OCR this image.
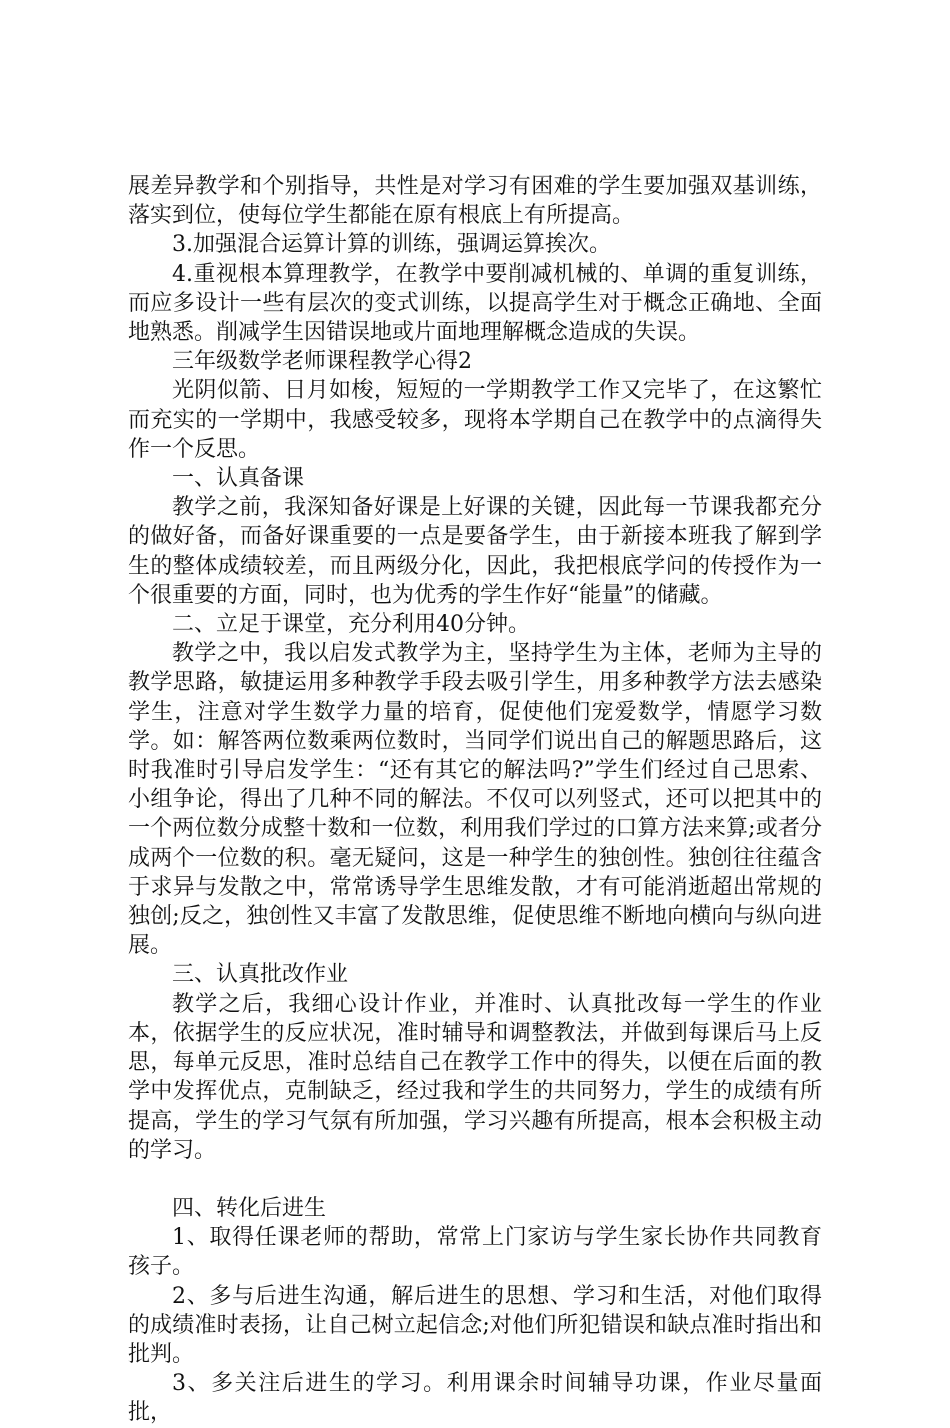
展差异教学和个别指导，共性是对学习有困难的学生要加强双基训练，落实到位，使每位学生都能在原有根底上有所提高。

3.加强混合运算计算的训练，强调运算挨次。

4.重视根本算理教学，在教学中要削减机械的、单调的重复训练，而应多设计一些有层次的变式训练，以提高学生对于概念正确地、全面地熟悉。削减学生因错误地或片面地理解概念造成的失误。

三年级数学老师课程教学心得2

光阴似箭、日月如梭，短短的一学期教学工作又完毕了，在这繁忙而充实的一学期中，我感受较多，现将本学期自己在教学中的点滴得失作一个反思。

一、认真备课

教学之前，我深知备好课是上好课的关键，因此每一节课我都充分的做好备，而备好课重要的一点是要备学生，由于新接本班我了解到学生的整体成绩较差，而且两级分化，因此，我把根底学问的传授作为一个很重要的方面，同时，也为优秀的学生作好“能量”的储藏。

二、立足于课堂，充分利用40分钟。

教学之中，我以启发式教学为主，坚持学生为主体，老师为主导的教学思路，敏捷运用多种教学手段去吸引学生，用多种教学方法去感染学生，注意对学生数学力量的培育，促使他们宠爱数学，情愿学习数学。如：解答两位数乘两位数时，当同学们说出自己的解题思路后，这时我准时引导启发学生：“还有其它的解法吗?”学生们经过自己思索、小组争论，得出了几种不同的解法。不仅可以列竖式，还可以把其中的一个两位数分成整十数和一位数，利用我们学过的口算方法来算;或者分成两个一位数的积。毫无疑问，这是一种学生的独创性。独创往往蕴含于求异与发散之中，常常诱导学生思维发散，才有可能消逝超出常规的独创;反之，独创性又丰富了发散思维，促使思维不断地向横向与纵向进展。

三、认真批改作业

教学之后，我细心设计作业，并准时、认真批改每一学生的作业本，依据学生的反应状况，准时辅导和调整教法，并做到每课后马上反思，每单元反思，准时总结自己在教学工作中的得失，以便在后面的教学中发挥优点，克制缺乏，经过我和学生的共同努力，学生的成绩有所提高，学生的学习气氛有所加强，学习兴趣有所提高，根本会积极主动的学习。

四、转化后进生

1、取得任课老师的帮助，常常上门家访与学生家长协作共同教育孩子。

2、多与后进生沟通，解后进生的思想、学习和生活，对他们取得的成绩准时表扬，让自己树立起信念;对他们所犯错误和缺点准时指出和批判。

3、多关注后进生的学习。利用课余时间辅导功课，作业尽量面批，
